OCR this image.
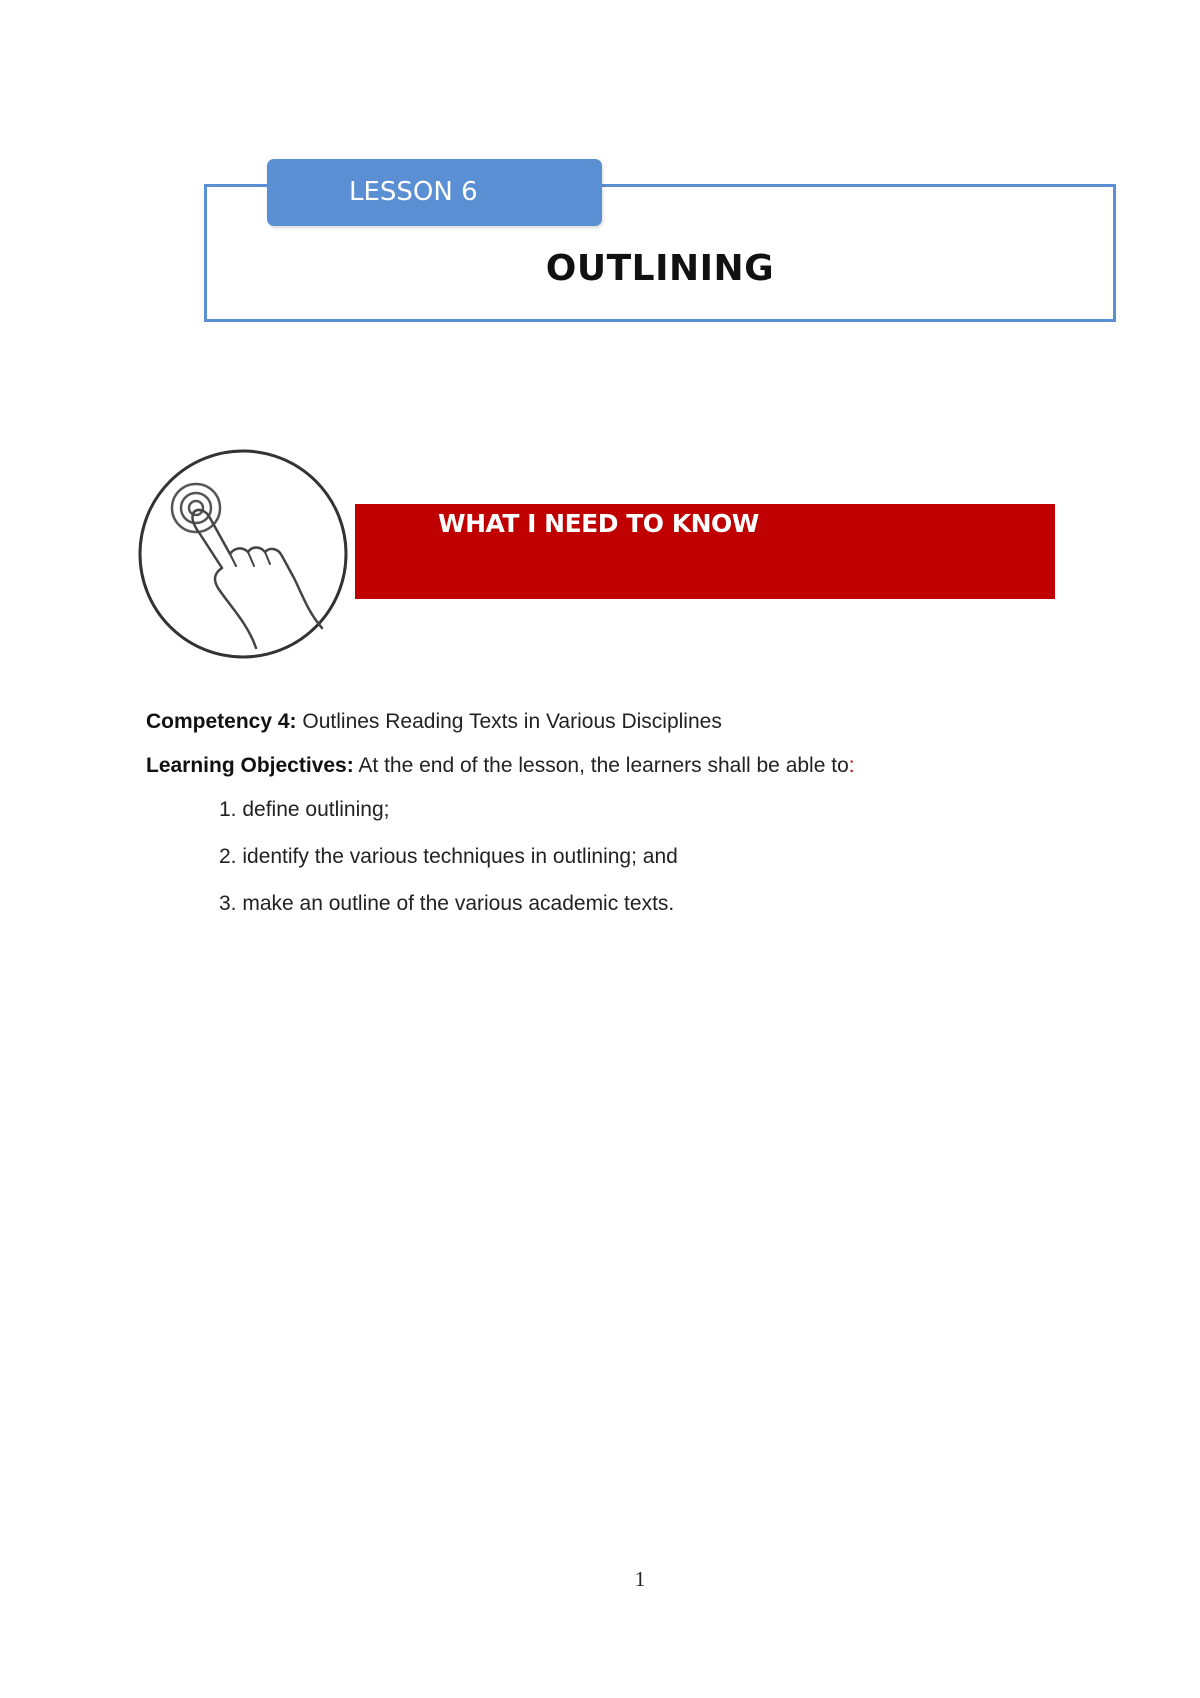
LESSON 6
OUTLINING
WHAT I NEED TO KNOW
Competency 4: Outlines Reading Texts in Various Disciplines
Learning Objectives: At the end of the lesson, the learners shall be able to:
1. define outlining;
2. identify the various techniques in outlining; and
3. make an outline of the various academic texts.
1
